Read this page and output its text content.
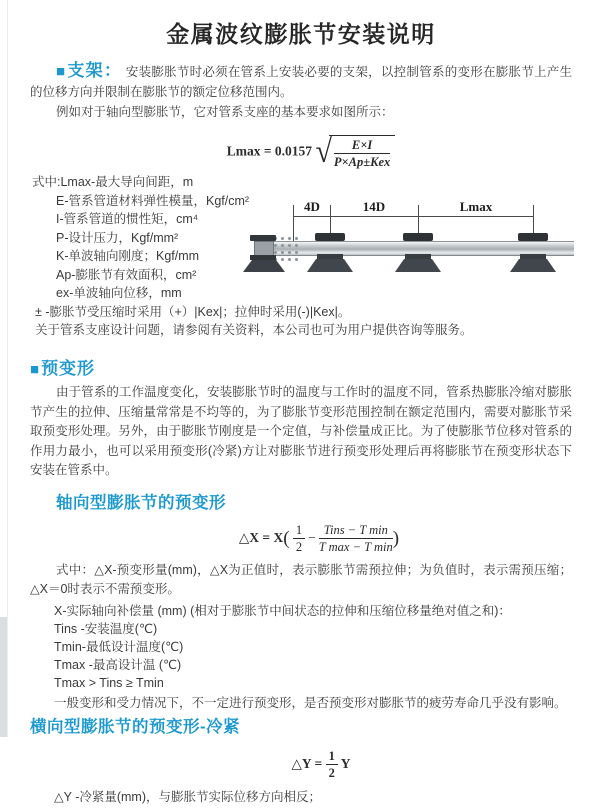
金属波纹膨胀节安装说明

■支架： 安装膨胀节时必须在管系上安装必要的支架，以控制管系的变形在膨胀节上产生的位移方向并限制在膨胀节的额定位移范围内。

例如对于轴向型膨胀节，它对管系支座的基本要求如图所示：

Lmax = 0.0157 √ $\frac{E\times I}{\text{P×Ap±Kex}}$
式中:Lmax-最大导向间距，m
E-管系管道材料弹性模量，Kgf/cm²
I-管系管道的惯性矩，cm⁴
P-设计压力，Kgf/mm²
K-单波轴向刚度；Kgf/mm
Ap-膨胀节有效面积，cm²
ex-单波轴向位移，mm
± -膨胀节受压缩时采用（+）|Kex|；拉伸时采用(-)|Kex|。
关于管系支座设计问题，请参阅有关资料，本公司也可为用户提供咨询等服务。
4D	14D	Lmax
■预变形

由于管系的工作温度变化，安装膨胀节时的温度与工作时的温度不同，管系热膨胀冷缩对膨胀节产生的拉伸、压缩量常常是不均等的，为了膨胀节变形范围控制在额定范围内，需要对膨胀节采取预变形处理。另外，由于膨胀节刚度是一个定值，与补偿量成正比。为了使膨胀节位移对管系的作用力最小，也可以采用预变形(冷紧)方让对膨胀节进行预变形处理后再将膨胀节在预变形状态下安装在管系中。

轴向型膨胀节的预变形
△X = $X( \frac{1}{2} - \frac{\text{Tins − T min}}{\text{T max − T min}}$ )

式中：△X-预变形量(mm)，△X为正值时，表示膨胀节需预拉伸；为负值时，表示需预压缩；△X＝0时表示不需预变形。

X-实际轴向补偿量 (mm) (相对于膨胀节中间状态的拉伸和压缩位移量绝对值之和)：
Tins -安装温度(℃)
Tmin-最低设计温度(℃)
Tmax -最高设计温 (℃)
Tmax > Tins ≥ Tmin

一般变形和受力情况下，不一定进行预变形，是否预变形对膨胀节的疲劳寿命几乎没有影响。

横向型膨胀节的预变形-冷紧
△Y = $\frac{1}{2}$ Y

△Y -冷紧量(mm)，与膨胀节实际位移方向相反；
